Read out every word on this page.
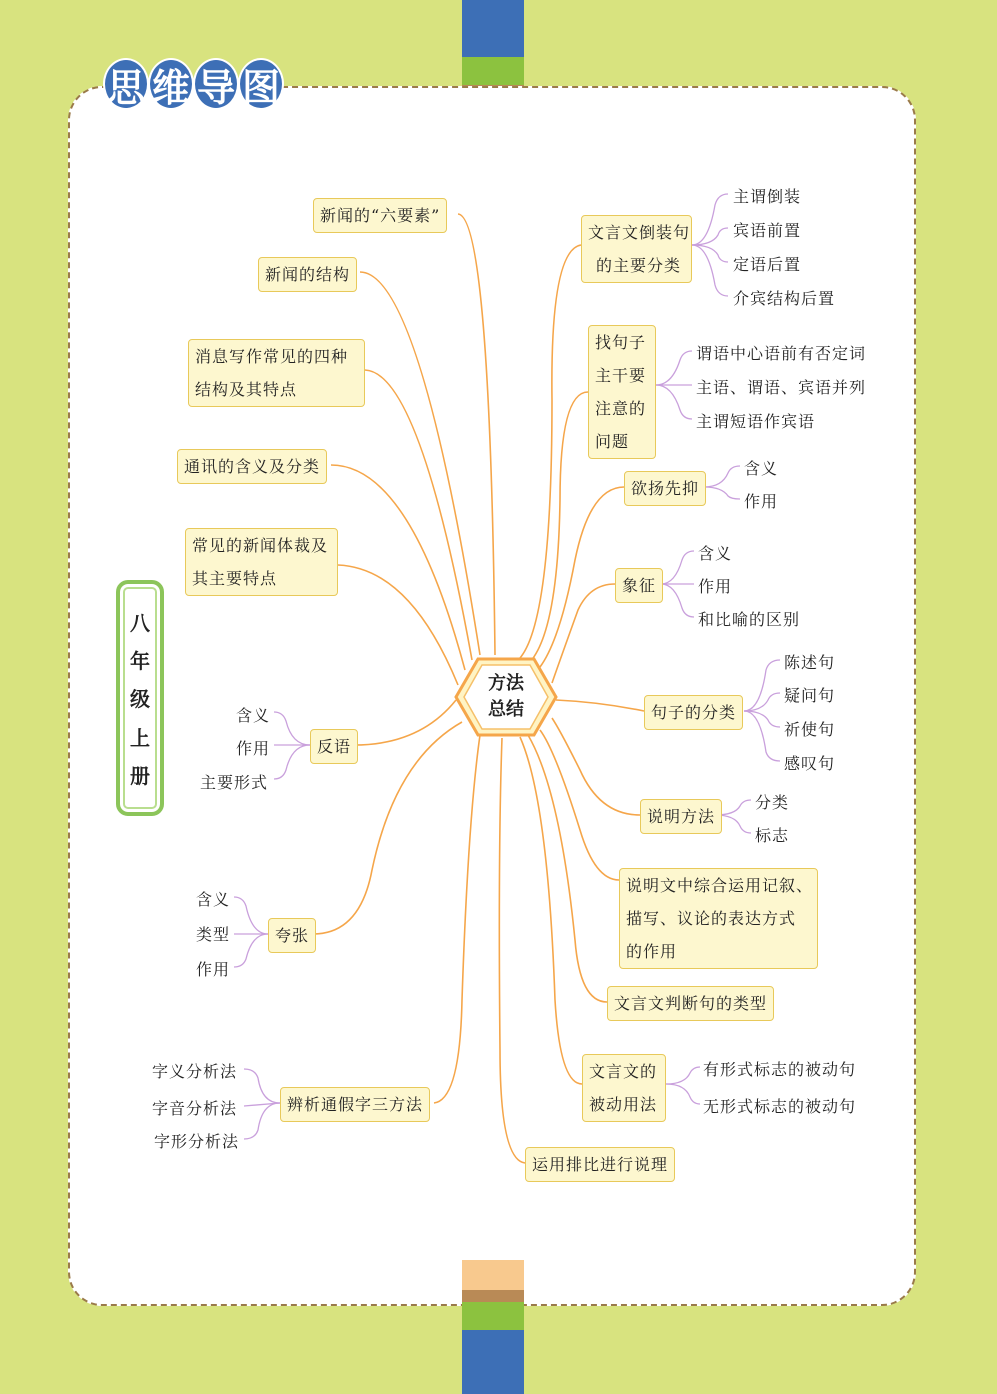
思 维 导 图
八
年
级
上
册
方法
总结
新闻的“六要素”
新闻的结构
消息写作常见的四种
结构及其特点
通讯的含义及分类
常见的新闻体裁及
其主要特点
反语
含义
作用
主要形式
夸张
含义
类型
作用
辨析通假字三方法
字义分析法
字音分析法
字形分析法
文言文倒装句
的主要分类
主谓倒装
宾语前置
定语后置
介宾结构后置
找句子
主干要
注意的
问题
谓语中心语前有否定词
主语、谓语、宾语并列
主谓短语作宾语
欲扬先抑
含义
作用
象征
含义
作用
和比喻的区别
句子的分类
陈述句
疑问句
祈使句
感叹句
说明方法
分类
标志
说明文中综合运用记叙、
描写、议论的表达方式
的作用
文言文判断句的类型
文言文的
被动用法
有形式标志的被动句
无形式标志的被动句
运用排比进行说理
